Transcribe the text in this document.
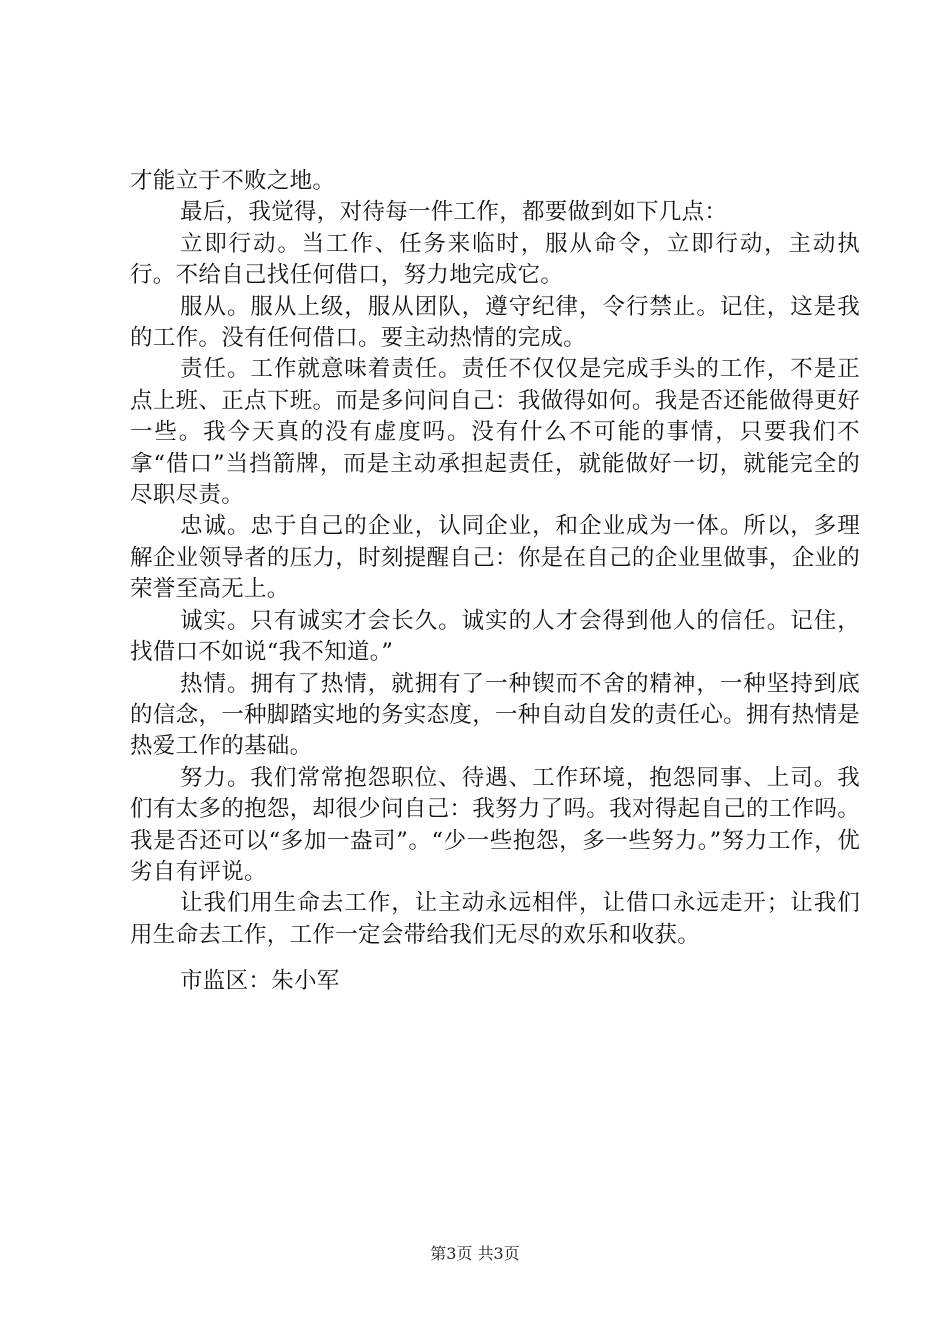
才能立于不败之地。

最后，我觉得，对待每一件工作，都要做到如下几点：

立即行动。当工作、任务来临时，服从命令，立即行动，主动执行。不给自己找任何借口，努力地完成它。

服从。服从上级，服从团队，遵守纪律，令行禁止。记住，这是我的工作。没有任何借口。要主动热情的完成。

责任。工作就意味着责任。责任不仅仅是完成手头的工作，不是正点上班、正点下班。而是多问问自己：我做得如何。我是否还能做得更好一些。我今天真的没有虚度吗。没有什么不可能的事情，只要我们不拿“借口”当挡箭牌，而是主动承担起责任，就能做好一切，就能完全的尽职尽责。

忠诚。忠于自己的企业，认同企业，和企业成为一体。所以，多理解企业领导者的压力，时刻提醒自己：你是在自己的企业里做事，企业的荣誉至高无上。

诚实。只有诚实才会长久。诚实的人才会得到他人的信任。记住，找借口不如说“我不知道。”

热情。拥有了热情，就拥有了一种锲而不舍的精神，一种坚持到底的信念，一种脚踏实地的务实态度，一种自动自发的责任心。拥有热情是热爱工作的基础。

努力。我们常常抱怨职位、待遇、工作环境，抱怨同事、上司。我们有太多的抱怨，却很少问自己：我努力了吗。我对得起自己的工作吗。我是否还可以“多加一盎司”。“少一些抱怨，多一些努力。”努力工作，优劣自有评说。

让我们用生命去工作，让主动永远相伴，让借口永远走开；让我们用生命去工作，工作一定会带给我们无尽的欢乐和收获。

市监区：朱小军

第3页 共3页
